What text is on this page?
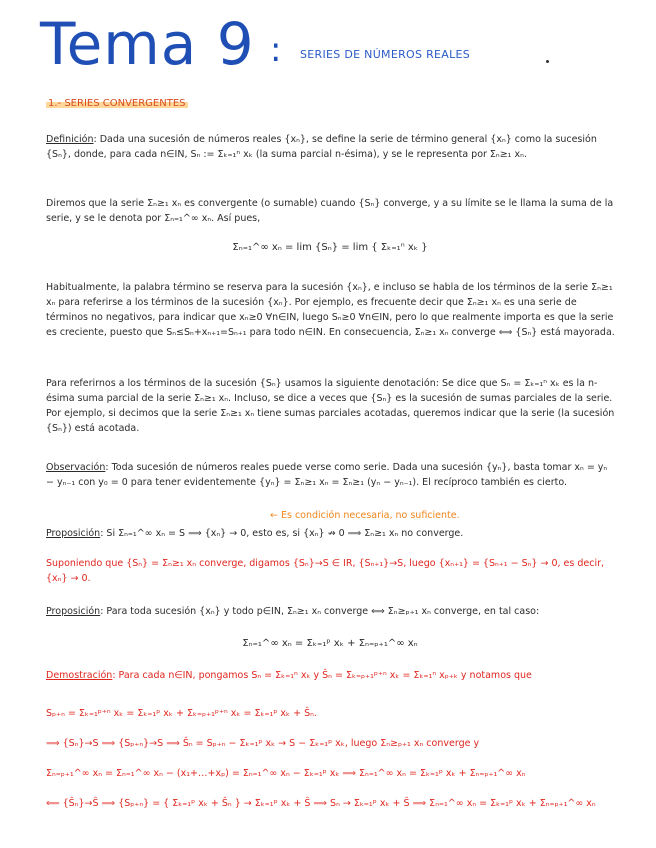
Tema 9 : SERIES DE NÚMEROS REALES
1.- SERIES CONVERGENTES
Definición: Dada una sucesión de números reales {xₙ}, se define la serie de término general {xₙ} como la sucesión {Sₙ}, donde, para cada n∈IN, Sₙ := Σₖ₌₁ⁿ xₖ (la suma parcial n-ésima), y se le representa por Σₙ≥₁ xₙ.
Diremos que la serie Σₙ≥₁ xₙ es convergente (o sumable) cuando {Sₙ} converge, y a su límite se le llama la suma de la serie, y se le denota por Σₙ₌₁^∞ xₙ. Así pues,
Σₙ₌₁^∞ xₙ = lim {Sₙ} = lim { Σₖ₌₁ⁿ xₖ }
Habitualmente, la palabra término se reserva para la sucesión {xₙ}, e incluso se habla de los términos de la serie Σₙ≥₁ xₙ para referirse a los términos de la sucesión {xₙ}. Por ejemplo, es frecuente decir que Σₙ≥₁ xₙ es una serie de términos no negativos, para indicar que xₙ≥0 ∀n∈IN, luego Sₙ≥0 ∀n∈IN, pero lo que realmente importa es que la serie es creciente, puesto que Sₙ≤Sₙ+xₙ₊₁=Sₙ₊₁ para todo n∈IN. En consecuencia, Σₙ≥₁ xₙ converge ⟺ {Sₙ} está mayorada.
Para referirnos a los términos de la sucesión {Sₙ} usamos la siguiente denotación: Se dice que Sₙ = Σₖ₌₁ⁿ xₖ es la n-ésima suma parcial de la serie Σₙ≥₁ xₙ. Incluso, se dice a veces que {Sₙ} es la sucesión de sumas parciales de la serie. Por ejemplo, si decimos que la serie Σₙ≥₁ xₙ tiene sumas parciales acotadas, queremos indicar que la serie (la sucesión {Sₙ}) está acotada.
Observación: Toda sucesión de números reales puede verse como serie. Dada una sucesión {yₙ}, basta tomar xₙ = yₙ − yₙ₋₁ con y₀ = 0 para tener evidentemente {yₙ} = Σₙ≥₁ xₙ = Σₙ≥₁ (yₙ − yₙ₋₁). El recíproco también es cierto.
← Es condición necesaria, no suficiente.
Proposición: Si Σₙ₌₁^∞ xₙ = S ⟹ {xₙ} → 0, esto es, si {xₙ} ↛ 0 ⟹ Σₙ≥₁ xₙ no converge.
Suponiendo que {Sₙ} = Σₙ≥₁ xₙ converge, digamos {Sₙ}→S ∈ IR, {Sₙ₊₁}→S, luego {xₙ₊₁} = {Sₙ₊₁ − Sₙ} → 0, es decir, {xₙ} → 0.
Proposición: Para toda sucesión {xₙ} y todo p∈IN, Σₙ≥₁ xₙ converge ⟺ Σₙ≥ₚ₊₁ xₙ converge, en tal caso:
Σₙ₌₁^∞ xₙ = Σₖ₌₁ᵖ xₖ + Σₙ₌ₚ₊₁^∞ xₙ
Demostración: Para cada n∈IN, pongamos Sₙ = Σₖ₌₁ⁿ xₖ y Ŝₙ = Σₖ₌ₚ₊₁ᵖ⁺ⁿ xₖ = Σₖ₌₁ⁿ xₚ₊ₖ y notamos que
Sₚ₊ₙ = Σₖ₌₁ᵖ⁺ⁿ xₖ = Σₖ₌₁ᵖ xₖ + Σₖ₌ₚ₊₁ᵖ⁺ⁿ xₖ = Σₖ₌₁ᵖ xₖ + Ŝₙ.
⟹ {Sₙ}→S ⟹ {Sₚ₊ₙ}→S ⟹ Ŝₙ = Sₚ₊ₙ − Σₖ₌₁ᵖ xₖ → S − Σₖ₌₁ᵖ xₖ, luego Σₙ≥ₚ₊₁ xₙ converge y
Σₙ₌ₚ₊₁^∞ xₙ = Σₙ₌₁^∞ xₙ − (x₁+…+xₚ) = Σₙ₌₁^∞ xₙ − Σₖ₌₁ᵖ xₖ ⟹ Σₙ₌₁^∞ xₙ = Σₖ₌₁ᵖ xₖ + Σₙ₌ₚ₊₁^∞ xₙ
⟸ {Ŝₙ}→Ŝ ⟹ {Sₚ₊ₙ} = { Σₖ₌₁ᵖ xₖ + Ŝₙ } → Σₖ₌₁ᵖ xₖ + Ŝ ⟹ Sₙ → Σₖ₌₁ᵖ xₖ + Ŝ ⟹ Σₙ₌₁^∞ xₙ = Σₖ₌₁ᵖ xₖ + Σₙ₌ₚ₊₁^∞ xₙ
